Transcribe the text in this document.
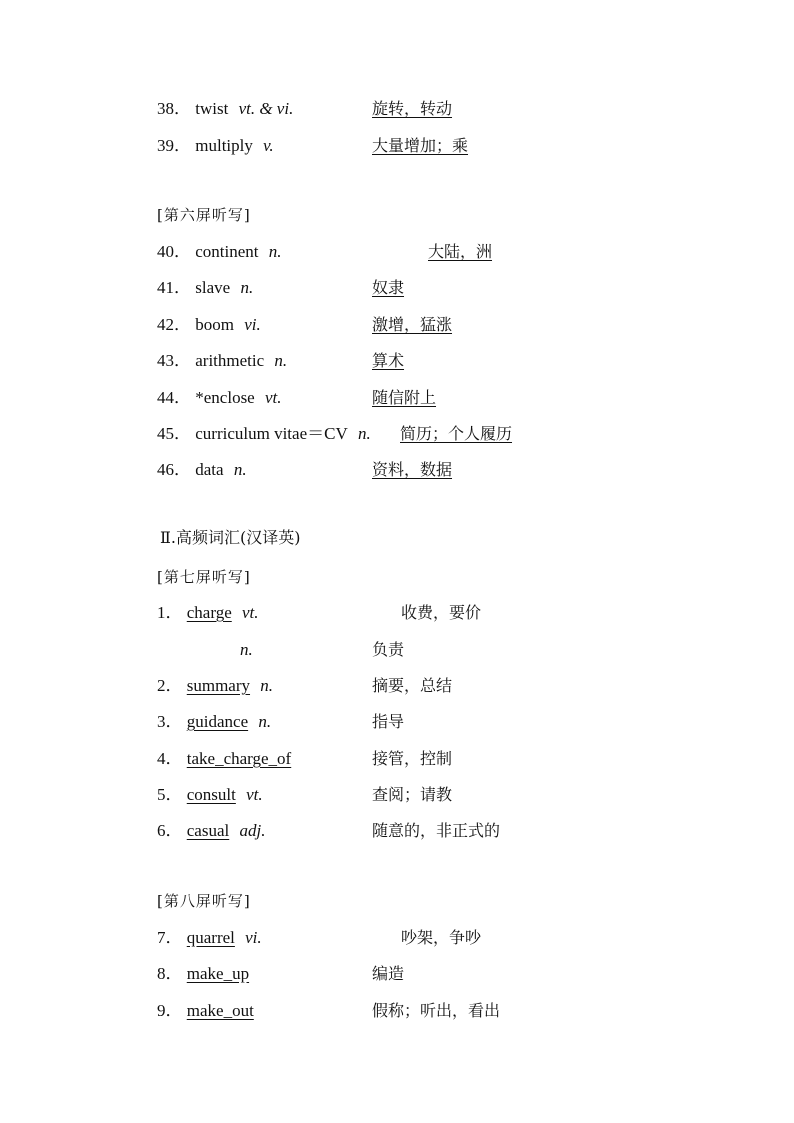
38． twist vt. & vi.	旋转，转动
39． multiply v.	大量增加；乘
[第六屏听写]
40． continent n.	大陆，洲
41． slave n.	奴隶
42． boom vi.	激增，猛涨
43． arithmetic n.	算术
44． *enclose vt.	随信附上
45． curriculum vitae＝CV n. 简历；个人履历
46． data n.	资料，数据
Ⅱ.高频词汇(汉译英)
[第七屏听写]
1． charge vt.	收费，要价
n.	负责
2． summary n.	摘要，总结
3． guidance n.	指导
4． take_charge_of	接管，控制
5． consult vt.	查阅；请教
6． casual adj.	随意的，非正式的
[第八屏听写]
7． quarrel vi.	吵架，争吵
8． make_up	编造
9． make_out	假称；听出，看出
